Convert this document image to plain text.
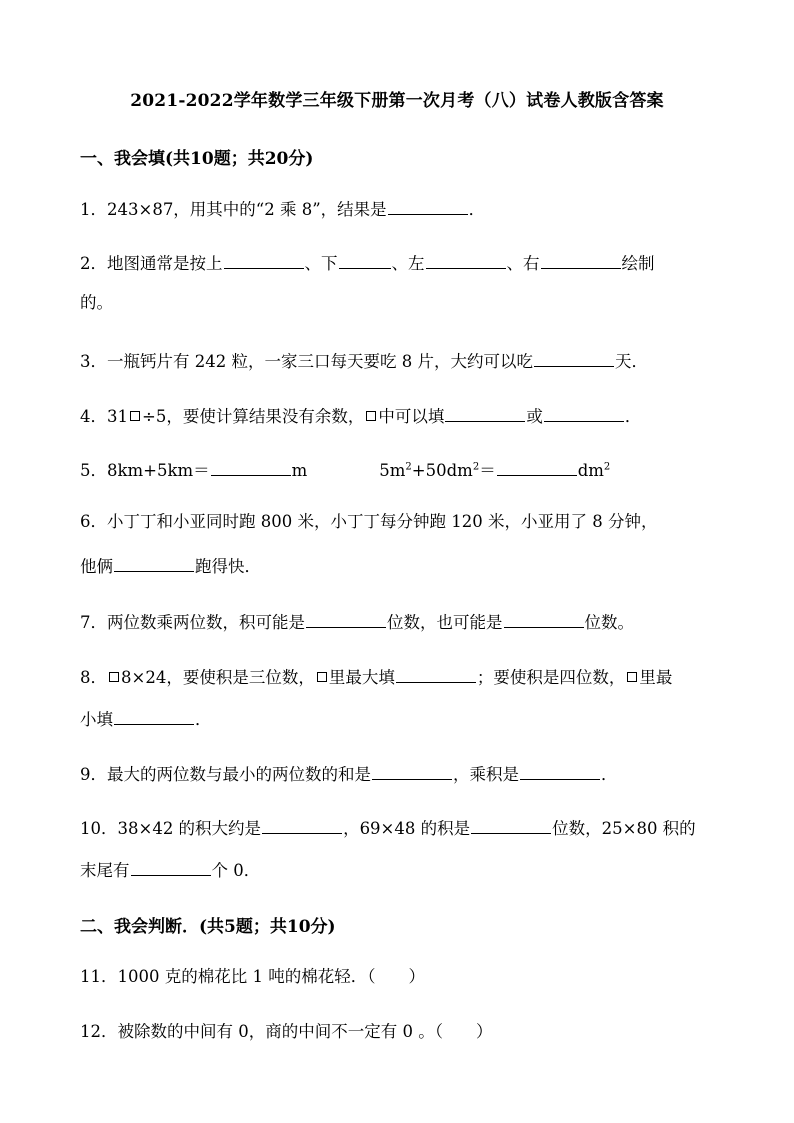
2021-2022学年数学三年级下册第一次月考（八）试卷人教版含答案
一、我会填(共10题；共20分)
1．243×87，用其中的“2 乘 8”，结果是	．
2．地图通常是按上	、下	、左	、右	绘制
的。
3．一瓶钙片有 242 粒，一家三口每天要吃 8 片，大约可以吃	天．
4．31 ÷5，要使计算结果没有余数， 中可以填	或	．
5．8km+5km＝	m	$5m^2+50dm^2=$	$dm^2$
6．小丁丁和小亚同时跑 800 米，小丁丁每分钟跑 120 米，小亚用了 8 分钟，
他俩	跑得快．
7．两位数乘两位数，积可能是	位数，也可能是	位数。
8． 8×24，要使积是三位数， 里最大填	；要使积是四位数， 里最
小填	．
9．最大的两位数与最小的两位数的和是	，乘积是	．
10．38×42 的积大约是	，69×48 的积是	位数，25×80 积的
末尾有	个 0．
二、我会判断．(共5题；共10分)
11．1000 克的棉花比 1 吨的棉花轻．（　　）
12．被除数的中间有 0，商的中间不一定有 0 。（　　）
